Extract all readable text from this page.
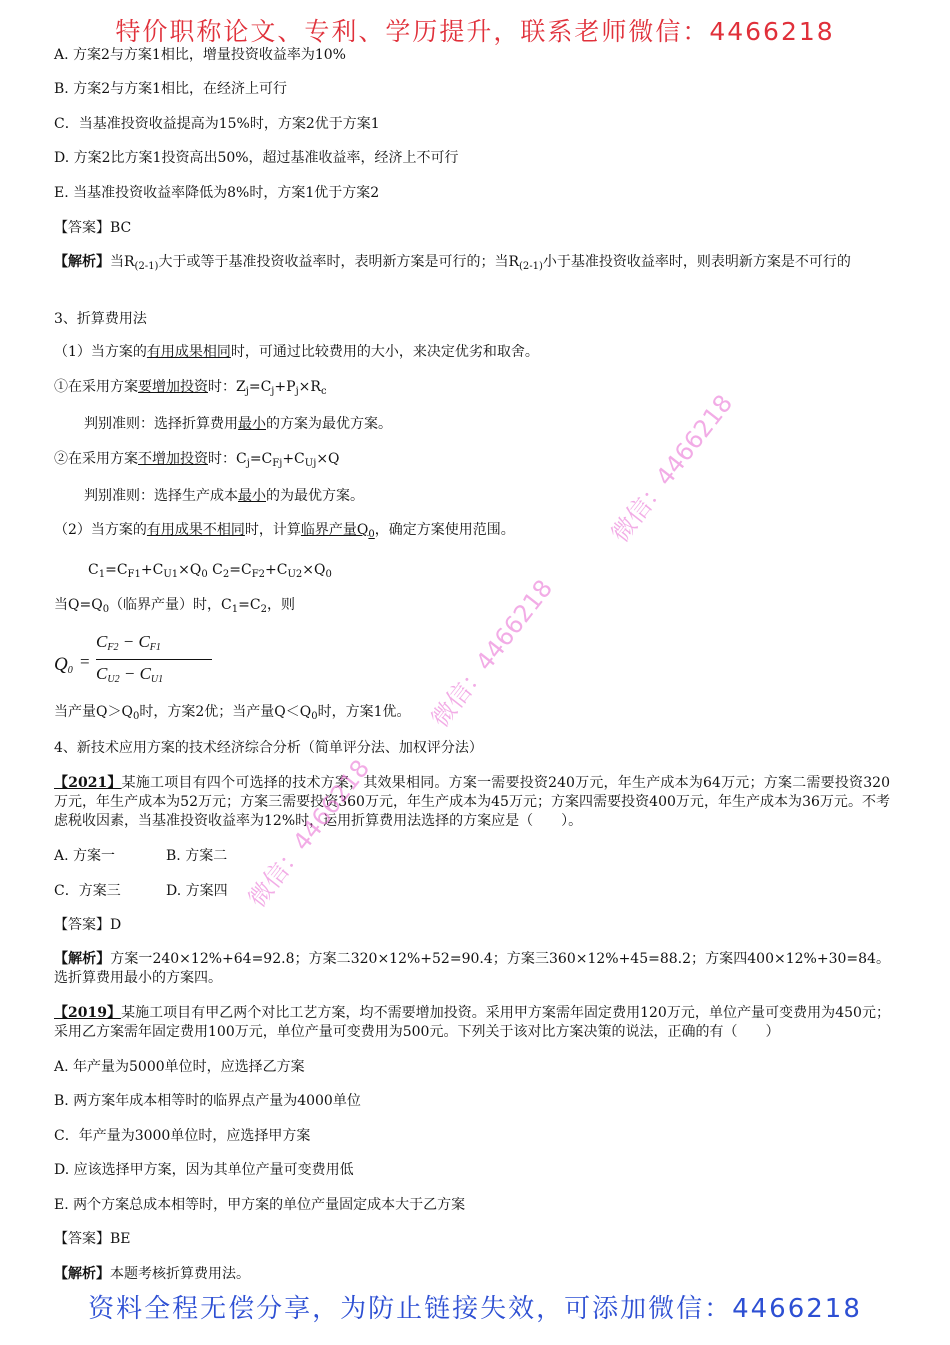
特价职称论文、专利、学历提升，联系老师微信：4466218
A. 方案2与方案1相比，增量投资收益率为10%
B. 方案2与方案1相比，在经济上可行
C．当基准投资收益提高为15%时，方案2优于方案1
D. 方案2比方案1投资高出50%，超过基准收益率，经济上不可行
E. 当基准投资收益率降低为8%时，方案1优于方案2
【答案】BC
【解析】当$R_{(2-1)}$大于或等于基准投资收益率时，表明新方案是可行的；当$R_{(2-1)}$小于基准投资收益率时，则表明新方案是不可行的
3、折算费用法
（1）当方案的有用成果相同时，可通过比较费用的大小，来决定优劣和取舍。
①在采用方案要增加投资时：$Z_j=C_j+P_j\times R_c$
判别准则：选择折算费用最小的方案为最优方案。
②在采用方案不增加投资时：$C_j=C_{Fj}+C_{Uj}\times Q$
判别准则：选择生产成本最小的为最优方案。
（2）当方案的有用成果不相同时，计算临界产量$Q_0$，确定方案使用范围。
$C_1=C_{F1}+C_{U1}\times Q_0$ $C_2=C_{F2}+C_{U2}\times Q_0$
当$Q=Q_0$（临界产量）时，$C_1=C_2$，则
$Q_0$ =
$C_{F2} - C_{F1}$
$C_{U2} - C_{U1}$
当产量$Q>Q_0$时，方案2优；当产量$Q<Q_0$时，方案1优。
4、新技术应用方案的技术经济综合分析（简单评分法、加权评分法）
【2021】某施工项目有四个可选择的技术方案，其效果相同。方案一需要投资240万元，年生产成本为64万元；方案二需要投资320万元，年生产成本为52万元；方案三需要投资360万元，年生产成本为45万元；方案四需要投资400万元，年生产成本为36万元。不考虑税收因素，当基准投资收益率为12%时，运用折算费用法选择的方案应是（　　）。
A. 方案一	B. 方案二
C．方案三	D. 方案四
【答案】D
【解析】方案一240×12%+64=92.8；方案二320×12%+52=90.4；方案三360×12%+45=88.2；方案四400×12%+30=84。选折算费用最小的方案四。
【2019】某施工项目有甲乙两个对比工艺方案，均不需要增加投资。采用甲方案需年固定费用120万元，单位产量可变费用为450元；采用乙方案需年固定费用100万元，单位产量可变费用为500元。下列关于该对比方案决策的说法，正确的有（　　）
A. 年产量为5000单位时，应选择乙方案
B. 两方案年成本相等时的临界点产量为4000单位
C．年产量为3000单位时，应选择甲方案
D. 应该选择甲方案，因为其单位产量可变费用低
E. 两个方案总成本相等时，甲方案的单位产量固定成本大于乙方案
【答案】BE
【解析】本题考核折算费用法。
资料全程无偿分享，为防止链接失效，可添加微信：4466218
微信：4466218
微信：4466218
微信：4466218
